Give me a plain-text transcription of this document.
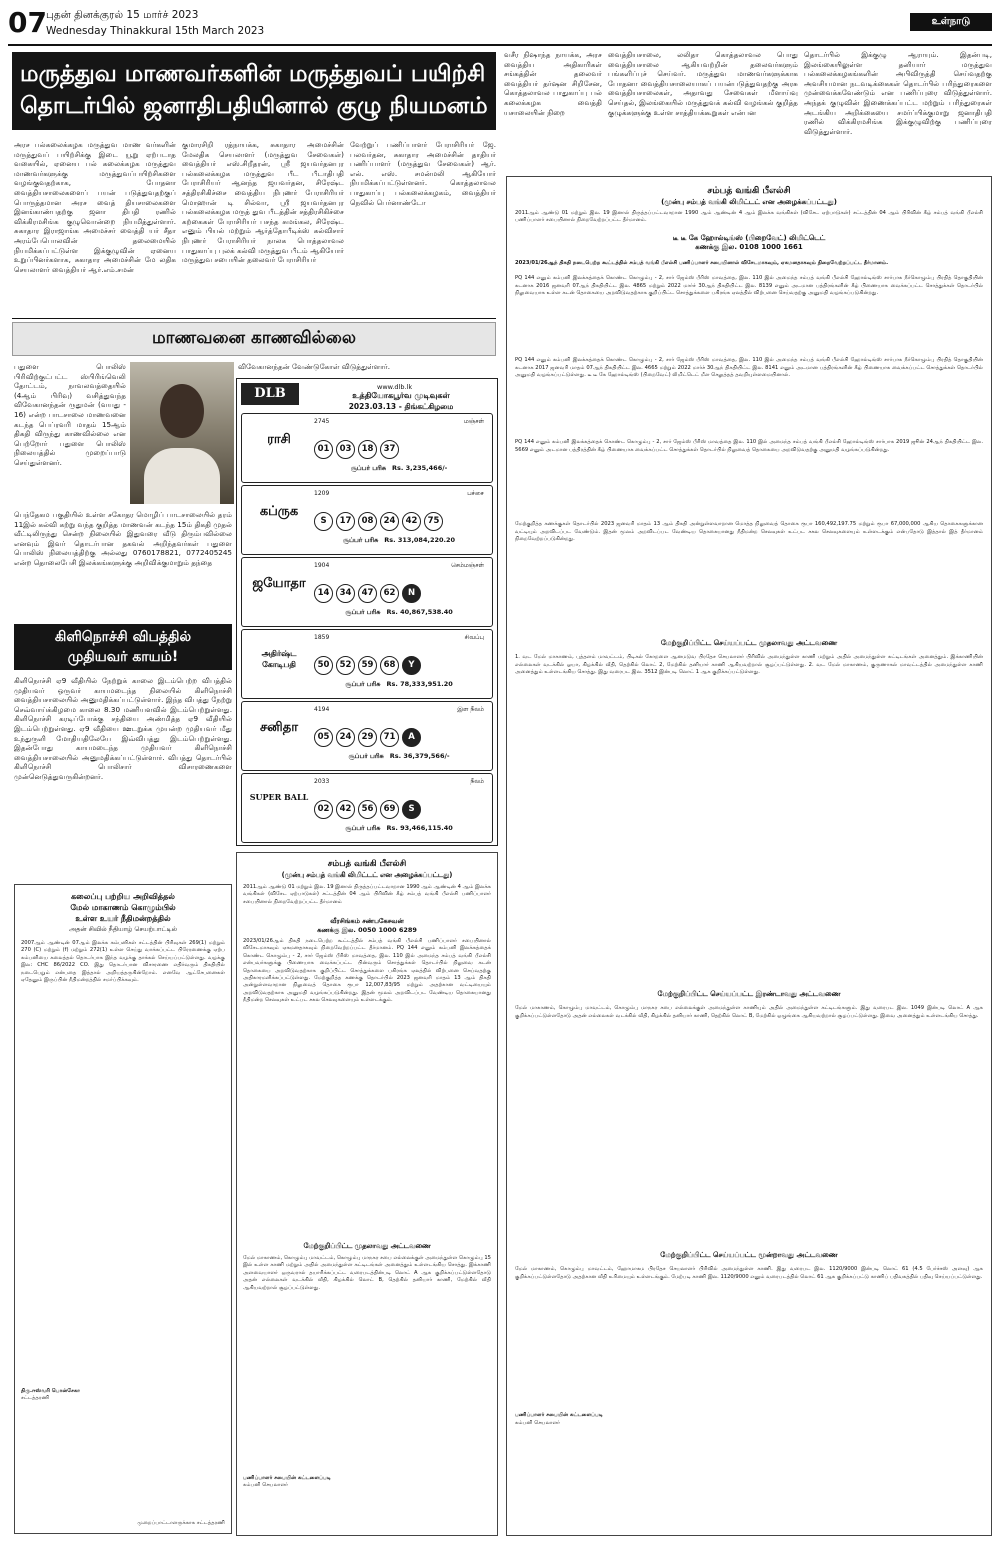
07 புதன் தினக்குரல் 15 மார்ச் 2023
Wednesday Thinakkural 15th March 2023
உள்நாடு
மருத்துவ மாணவர்களின் மருத்துவப் பயிற்சி
தொடர்பில் ஜனாதிபதியினால் குழு நியமனம்
அரச பல்கலைக்கழக மருத்துவ மாண வர்களின் மருத்துவப் பயிற்சிக்கு இடை யூறு ஏற்படாத வகையில், ஏனைய பல் கலைக்கழக மருத்துவ மாணவர்களுக்கு மருத்துவப்பயிற்சிகளை வழங்குவதற்காக, போதனா வைத்தியசாலைகளைப் பயன் படுத்துவதற்குப் பொருத்தமான அரச வைத் தியசாலைகளை இனங்காண்பதற்கு ஜனா திபதி ரணில் விக்கிரமசிங்க குழுவொன்றை நியமித்துள்ளார். சுகாதார இராஜாங்க அமைச்சர் வைத்தி யர் சீதா அரம்பேபொலவின் தலைமையில் நியமிக்கப்பட்டுள்ள இக்குழுவின் ஏனைய உறுப்பினர்களாக, சுகாதார அமைச்சின் மே லதிக செயலாளர் வைத்தியர் ஆர்.எம்.சமன்
குமாரசிறி ரத்நாயக்க, சுகாதார அமைச்சின் மேலதிக செயலாளர் (மருத்துவ சேவைகள்) வைத்தியர் எஸ்.சிறீதரன், ஶ்ரீ ஜயவர்தனபுர பல்கலைக்கழக மருத்துவ பீட பீடாதிபதி பேராசிரியர் ஆனந்த ஜயவர்தன, சிரேஷ்ட சத்திரசிகிச்சை வைத்திய நிபுணர் பேராசிரியர் மொஹான் டி சில்வா, ஶ்ரீ ஜயவர்தனபுர பல்கலைக்கழக மருத் துவ பீடத்தின் சத்திரசிகிச்சை கற்கைகள் பேராசிரியர் பசந்த சுமங்கல, சிரேஷ்ட எனும் பியல் மற்றும் ஆர்த்தோபீடிக்ஸ் கல்விசார் நிபுணர் பேராசிரியர் நாலக பொத்தலாவல பாதுகாப்பு புலக் கல்வி மருத்துவ பீடம் ஆகியோர் மருத்துவ சபையின் தலைவர் பேராசிரியர்
வேற்றுப் பணிப்பாளர் பேராசிரியர் ஜே. பலவர்தன, சுகாதார அமைச்சின் தாதியர் பணிப்பாளர் (மருத்துவ சேவைகள்) ஆர். எல். எஸ். சமன்மலி ஆகியோர் நியமிக்கப்பட்டுள்ளனர். கொத்தலாவல பாதுகாப்பு பல்கலைக்கழகம், வைத்தியர் நெவில் பெர்னாண்டோ
வசீர நிஷாந்த நாயக்க, அரச வைத்திய அதிகாரிகள் சங்கத்தின் தலைவர் வைத்தியர் தர்ஷன சிறிசேன, கொத்தலாவல பாதுகாப்பு பல் கலைக்கழக வைத்தி யசாலையின் நிறை
வைத்தியசாலை, லலிதா கொத்தலாவல பொது வைத்தியசாலை ஆகியவற்றின் தலைவர்களும் பங்களிப்புச் செய்வர். மருத்துவ மாணவர்களுக்காக போதனா வைத்தியசாலையாகப் பயன்படுத்துவதற்கு அரசு வைத்தியசாலைகள், அதாவது சேவைகள் மீளாய்வு செய்தல், இலங்கையில் மருத்துவக் கல்வி வழங்கல் குறித்த குழுக்களுக்கு உள்ள சாத்தியக்கூறுகள் என்பன
தொடர்பில் இக்குழு ஆராயும். இதன்படி, இலங்கையிலுள்ள தனியார் மருத்துவ பல்கலைக்கழகங்களின் அபிவிருத்தி செய்வதற்கு அவசியமான நடவடிக்கைகள் தொடர்பில் பரிந்துரைகளை முன்வைக்கவேண்டும் என பணிப்புரை விடுத்துள்ளார். அந்தக் குழுவின் இணைக்கப்பட்ட மற்றும் பரிந்துரைகள் அடங்கிய அறிக்கையை சமர்ப்பிக்குமாறு ஜனாதிபதி ரணில் விக்கிரமசிங்க இக்குழுவிற்கு பணிப்புரை விடுத்துள்ளார்.
மாணவனை காணவில்லை
விவேகானந்தன் வேண்டுகோள் விடுத்துள்ளார்.
பதுளை பொலிஸ் பிரிவிற்குட்பட்ட ஸ்பிரிங்வெலி தோட்டம், நாவலவத்தையில் (4ஆம் பிரிவு) வசித்துவந்த விவேகானந்தன் ருதுமன் (வயது - 16) என்ற பாடசாலை மாணவனை கடந்த பெப்ரவரி மாதம் 15ஆம் திகதி விருந்து காணவில்லை என பெற்றோர் பதுளை பொலிஸ் நிலையத்தில் முறைப்பாடு செய்துள்ளனர்.
பெந்தேகம பகுதியில் உள்ள சகோதர மொழிப் பாடசாலையில் தரம் 11இல் கல்வி கற்று வந்த குறித்த மாணவன் கடந்த 15ம் திகதி முதல் வீட்டிலிருந்து சென்ற நிலையில் இதுவரை வீடு திரும்பவில்லை எனவும் இவர் தொடர்பான தகவல் அறிந்தவர்கள் பதுளை பொலிஸ் நிலையத்திற்கு அல்லது 0760178821, 0772405245 என்ற தொலைபேசி இலக்கங்களுக்கு அறிவிக்குமாறும் தந்தை
கிளிநொச்சி விபத்தில்
முதியவர் காயம்!
கிளிநொச்சி ஏ9 வீதியில் நேற்றுக் காலை இடம்பெற்ற விபத்தில் முதியவர் ஒருவர் காயமடைந்த நிலையில் கிளிநொச்சி வைத்தியசாலையில் அனுமதிக்கப்பட்டுள்ளார். இந்த விபத்து நேற்று செவ்வாய்க்கிழமை காலை 8.30 மணியளவில் இடம்பெற்றுள்ளது. கிளிநொச்சி கரடிப்போக்கு சந்தியை அண்மித்த ஏ9 வீதியில் இடம்பெற்றுள்ளது. ஏ9 வீதியை ஊடறுக்க முயன்ற முதியவர் மீது உந்துருளி மோதியதிலேயே இவ்விபத்து இடம்பெற்றுள்ளது. இதன்போது காயமடைந்த முதியவர் கிளிநொச்சி வைத்தியசாலையில் அனுமதிக்கப்பட்டுள்ளார். விபத்து தொடர்பில் கிளிநொச்சி பொலிசார் விசாரணைகளை முன்னெடுத்துவருகின்றனர்.
கலைப்பு பற்றிய அறிவித்தல்
மேல் மாகாணம் கொழும்பில்
உள்ள உயர் நீதிமன்றத்தில்
அதன் சிவில் நீதியாழ் செயற்பாட்டில்
2007ஆம் ஆண்டின் 07ஆம் இலக்க கம்பனிகள் சட்டத்தின் பிரிவுகள் 269(1) மற்றும் 270 (C) மற்றும் (f) மற்றும் 272(1) உள்ள செய்து வாக்கப்பட்ட பிரேரணைக்கு ஏற்ப கம்பனியை கலைத்தல் தொடர்பாக இந்த வழக்கு தாக்கல் செய்யப்பட்டுள்ளது. வழக்கு இல: CHC 86/2022 CO. இது தொடர்பான விசாரணை எதிர்வரும் திகதியில் நடைபெறும் என்பதை இத்தால் அறியத்தருகின்றோம். எனவே ஆட்சேபனைகள் ஏதேனும் இருப்பின் நீதிமன்றத்தில் சமர்ப்பிக்கவும்.
திரு.ஈஸ்வரி பொன்சேகா
சட்டத்தரணி
முறைப்பாட்டாளருக்காக சட்டத்தரணி
DLB	www.dlb.lk
உத்தியோகபூர்வ முடிவுகள்
2023.03.13 - திங்கட்கிழமை
ராசி
2745	மஞ்சள்
01 03 18 37
சூப்பர் பரிசு Rs. 3,235,466/-
கப்ருக
1209	பச்சை
S 17 08 24 42 75
சூப்பர் பரிசு Rs. 313,084,220.20
ஜயோதா
1904	செம்மஞ்சள்
14 34 47 62 N
சூப்பர் பரிசு Rs. 40,867,538.40
அதிர்ஷ்ட கோடிபதி
1859	சிவப்பு
50 52 59 68 Y
சூப்பர் பரிசு Rs. 78,333,951.20
சனிதா
4194	இள நீலம்
05 24 29 71 A
சூப்பர் பரிசு Rs. 36,379,566/-
SUPER BALL
2033	நீலம்
02 42 56 69 S
சூப்பர் பரிசு Rs. 93,466,115.40
சம்பத் வங்கி பீஎல்சி
(முன்பு சம்பத் வங்கி லிமிட்டட் என அழைக்கப்பட்டது)
2011ஆம் ஆண்டு 01 மற்றும் இல. 19 இனால் திருத்தப்பட்டவாறான 1990 ஆம் ஆண்டின் 4 ஆம் இலக்க வங்கிகள் (விசேட ஏற்பாடுகள்) சட்டத்தின் 04 ஆம் பிரிவின் கீழ் சம்பத் வங்கி பீஎல்சி பணிப்பாளர் சபையினால் நிறைவேற்றப்பட்ட தீர்மானம்
வீரசிங்கம் சண்பகேசவன்
கணக்கு இல. 0050 1000 6289
2023/01/26ஆம் திகதி நடைபெற்ற கூட்டத்தில் சம்பத் வங்கி பீஎல்சி பணிப்பாளர் சபையினால் விசேடமாகவும் ஏகமனதாகவும் நிறைவேற்றப்பட்ட தீர்மானம். PQ 144 எனும் கம்பனி இலக்கத்தைக் கொண்ட கொழும்பு - 2, சார் ஜேம்ஸ் பீரிஸ் மாவத்தை, இல. 110 இல் அமைந்த சம்பத் வங்கி பீஎல்சி என்பவர்களுக்கு பிணையாக வைக்கப்பட்ட பின்வரும் சொத்துக்கள் தொடர்பில் நிலுவை கடன் தொகையை அறவிடுவதற்காக குறிப்பிட்ட சொத்துக்களை பகிரங்க ஏலத்தில் விற்பனை செய்வதற்கு அதிகாரமளிக்கப்பட்டுள்ளது. மேற்குறித்த கணக்கு தொடர்பில் 2023 ஜனவரி மாதம் 13 ஆம் திகதி அன்றுள்ளவாறான நிலுவைத் தொகை ரூபா 12,007,83/95 மற்றும் அதற்கான வட்டியையும் அறவிடுவதற்காக அனுமதி வழங்கப்படுகின்றது. இதன் மூலம் அறவிடப்பட வேண்டிய தொகையானது நீதிமன்ற செலவுகள் உட்பட சகல செலவுகளையும் உள்ளடக்கும்.
மேற்குறிப்பிட்ட முதலாவது அட்டவணை
மேல் மாகாணம், கொழும்பு மாவட்டம், கொழும்பு மாநகர சபை எல்லைக்குள் அமைந்துள்ள கொழும்பு 15 இல் உள்ள காணி மற்றும் அதில் அமைந்துள்ள கட்டிடங்கள் அனைத்தும் உள்ளடங்கிய சொத்து. இக்காணி அளவையாளர் ஒருவரால் தயாரிக்கப்பட்ட வரைபடத்தின்படி லொட் A ஆக குறிக்கப்பட்டுள்ளதோடு அதன் எல்லைகள் வடக்கில் வீதி, கிழக்கில் லொட் B, தெற்கில் தனியார் காணி, மேற்கில் வீதி ஆகியவற்றால் சூழப்பட்டுள்ளது.
பணிப்பாளர் சபையின் கட்டளைப்படி
கம்பனி செயலாளர்
சம்பத் வங்கி பீஎல்சி
(முன்பு சம்பத் வங்கி லிமிட்டட் என அழைக்கப்பட்டது)
2011ஆம் ஆண்டு 01 மற்றும் இல. 19 இனால் திருத்தப்பட்டவாறான 1990 ஆம் ஆண்டின் 4 ஆம் இலக்க வங்கிகள் (விசேட ஏற்பாடுகள்) சட்டத்தின் 04 ஆம் பிரிவின் கீழ் சம்பத் வங்கி பீஎல்சி பணிப்பாளர் சபையினால் நிறைவேற்றப்பட்ட தீர்மானம்.
டீ டீ கே ஹோல்டிங்ஸ் (பிறைவேட்) லிமிட்டெட்
கணக்கு இல. 0108 1000 1661
2023/01/26ஆந் திகதி நடைபெற்ற கூட்டத்தில் சம்பத் வங்கி பீஎல்சி பணிப்பாளர் சபையினால் விசேடமாகவும், ஏகமனதாகவும் நிறைவேற்றப்பட்ட தீர்மானம்.
PQ 144 எனும் கம்பனி இலக்கத்தைக் கொண்ட கொழும்பு - 2, சார் ஜேம்ஸ் பீரிஸ் மாவத்தை, இல. 110 இல் அமைந்த சம்பத் வங்கி பீஎல்சி ஹோல்டிங்ஸ் சார்பாக நீர்கொழும்பு பிரதித் தொகுதியின் கடனாக 2016 ஜனவரி 07ஆந் திகதியிட்ட இல. 4865 மற்றும் 2022 மார்ச் 30ஆந் திகதியிட்ட இல. 8139 எனும் அடமான பத்திரங்களின் கீழ் பிணையாக வைக்கப்பட்ட சொத்துக்கள் தொடர்பில் நிலுவையாக உள்ள கடன் தொகையை அறவிடுவதற்காக குறிப்பிட்ட சொத்துக்களை பகிரங்க ஏலத்தில் விற்பனை செய்வதற்கு அனுமதி வழங்கப்படுகின்றது.
PQ 144 எனும் கம்பனி இலக்கத்தைக் கொண்ட கொழும்பு - 2, சார் ஜேம்ஸ் பீரிஸ் மாவத்தை, இல. 110 இல் அமைந்த சம்பத் வங்கி பீஎல்சி ஹோல்டிங்ஸ் சார்பாக நீர்கொழும்பு பிரதித் தொகுதியின் கடனாக 2017 ஜனவரி மாதம் 07ஆந் திகதியிட்ட இல. 4665 மற்றும் 2022 மார்ச் 30ஆந் திகதியிட்ட இல. 8141 எனும் அடமான பத்திரங்களின் கீழ் பிணையாக வைக்கப்பட்ட சொத்துக்கள் தொடர்பில் அனுமதி வழங்கப்பட்டுள்ளது. டீ டீ கே ஹோல்டிங்ஸ் (பிறைவேட்) லிமிட்டெட் மீள செலுத்தத் தவறியுள்ளமையினால்.
PQ 144 எனும் கம்பனி இலக்கத்தைக் கொண்ட கொழும்பு - 2, சார் ஜேம்ஸ் பீரிஸ் மாவத்தை இல. 110 இல் அமைந்த சம்பத் வங்கி பீஎல்சி ஹோல்டிங்ஸ் சார்பாக 2019 ஜூன் 24ஆந் திகதியிட்ட இல. 5669 எனும் அடமான பத்திரத்தின் கீழ் பிணையாக வைக்கப்பட்ட சொத்துக்கள் தொடர்பில் நிலுவைத் தொகையை அறவிடுவதற்கு அனுமதி வழங்கப்படுகின்றது.
மேற்குறித்த கணக்குகள் தொடர்பில் 2023 ஜனவரி மாதம் 13 ஆம் திகதி அன்றுள்ளவாறான மொத்த நிலுவைத் தொகை ரூபா 160,492,197.75 மற்றும் ரூபா 67,000,000 ஆகிய தொகைகளுக்கான வட்டியும் அறவிடப்பட வேண்டும். இதன் மூலம் அறவிடப்பட வேண்டிய தொகையானது நீதிமன்ற செலவுகள் உட்பட சகல செலவுகளையும் உள்ளடக்கும் என்பதோடு இத்தால் இத் தீர்மானம் நிறைவேற்றப்படுகின்றது.
மேற்குறிப்பிட்ட செய்யப்பட்ட முதலாவது அட்டவணை
1. வட மேல் மாகாணம், புத்தளம் மாவட்டம், பிடிகல் கோறளை ஆனமடுவ பிரதேச செயலாளர் பிரிவில் அமைந்துள்ள காணி மற்றும் அதில் அமைந்துள்ள கட்டிடங்கள் அனைத்தும். இக்காணியின் எல்லைகள் வடக்கில் ஓயா, கிழக்கில் வீதி, தெற்கில் லொட் 2, மேற்கில் தனியார் காணி ஆகியவற்றால் சூழப்பட்டுள்ளது. 2. வட மேல் மாகாணம், குருணாகல் மாவட்டத்தில் அமைந்துள்ள காணி அனைத்தும் உள்ளடங்கிய சொத்து. இது வரைபட இல. 3512 இன்படி லொட் 1 ஆக குறிக்கப்பட்டுள்ளது.
மேற்குறிப்பிட்ட செய்யப்பட்ட இரண்டாவது அட்டவணை
மேல் மாகாணம், கொழும்பு மாவட்டம், கொழும்பு மாநகர சபை எல்லைக்குள் அமைந்துள்ள காணியும் அதில் அமைந்துள்ள கட்டிடங்களும். இது வரைபட இல. 1049 இன்படி லொட் A ஆக குறிக்கப்பட்டுள்ளதோடு அதன் எல்லைகள் வடக்கில் வீதி, கிழக்கில் தனியார் காணி, தெற்கில் லொட் B, மேற்கில் ஒழுங்கை ஆகியவற்றால் சூழப்பட்டுள்ளது. இவை அனைத்தும் உள்ளடங்கிய சொத்து.
மேற்குறிப்பிட்ட செய்யப்பட்ட மூன்றாவது அட்டவணை
மேல் மாகாணம், கொழும்பு மாவட்டம், ஹோமாகம பிரதேச செயலாளர் பிரிவில் அமைந்துள்ள காணி. இது வரைபட இல. 1120/9000 இன்படி லொட் 61 (4.5 பேர்ச்சஸ் அளவு) ஆக குறிக்கப்பட்டுள்ளதோடு அதற்கான வீதி உரிமையும் உள்ளடங்கும். மேற்படி காணி இல. 1120/9000 எனும் வரைபடத்தில் லொட் 61 ஆக குறிக்கப்பட்டு காணிப் பதிவகத்தில் பதிவு செய்யப்பட்டுள்ளது.
பணிப்பாளர் சபையின் கட்டளைப்படி
கம்பனி செயலாளர்
